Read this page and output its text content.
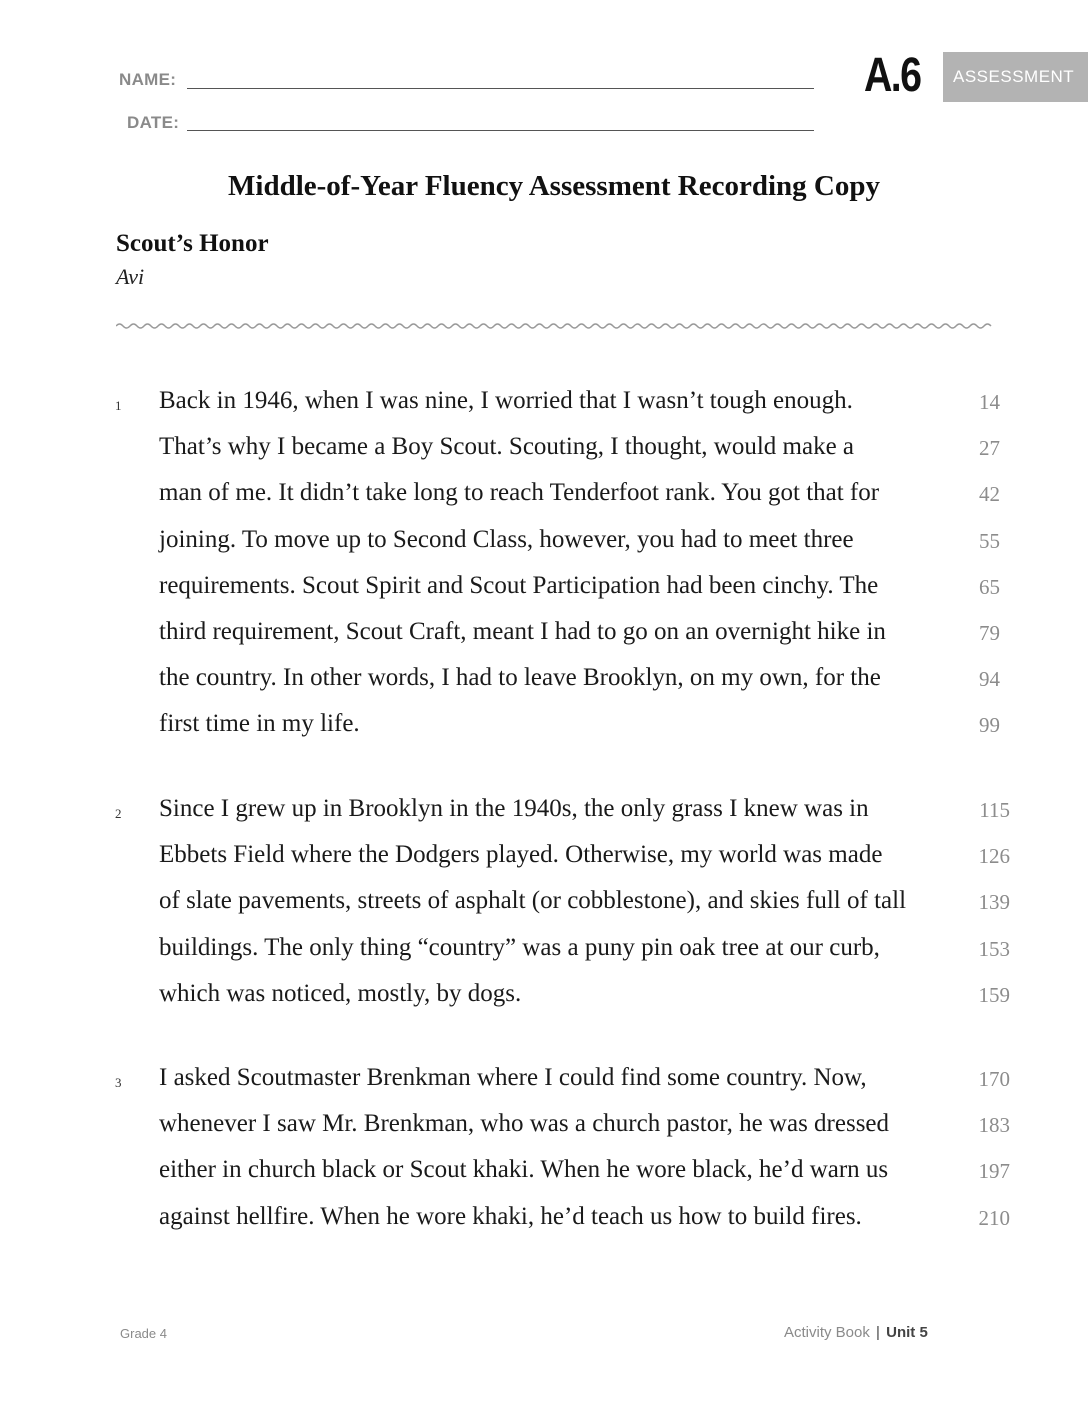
NAME:
DATE:
A.6	ASSESSMENT
Middle-of-Year Fluency Assessment Recording Copy
Scout’s Honor
Avi
1 Back in 1946, when I was nine, I worried that I wasn’t tough enough.	14
That’s why I became a Boy Scout. Scouting, I thought, would make a	27
man of me. It didn’t take long to reach Tenderfoot rank. You got that for	42
joining. To move up to Second Class, however, you had to meet three	55
requirements. Scout Spirit and Scout Participation had been cinchy. The	65
third requirement, Scout Craft, meant I had to go on an overnight hike in	79
the country. In other words, I had to leave Brooklyn, on my own, for the	94
first time in my life.	99
2 Since I grew up in Brooklyn in the 1940s, the only grass I knew was in	115
Ebbets Field where the Dodgers played. Otherwise, my world was made	126
of slate pavements, streets of asphalt (or cobblestone), and skies full of tall	139
buildings. The only thing “country” was a puny pin oak tree at our curb,	153
which was noticed, mostly, by dogs.	159
3 I asked Scoutmaster Brenkman where I could find some country. Now,	170
whenever I saw Mr. Brenkman, who was a church pastor, he was dressed	183
either in church black or Scout khaki. When he wore black, he’d warn us	197
against hellfire. When he wore khaki, he’d teach us how to build fires.	210
Grade 4	Activity Book | Unit 5
